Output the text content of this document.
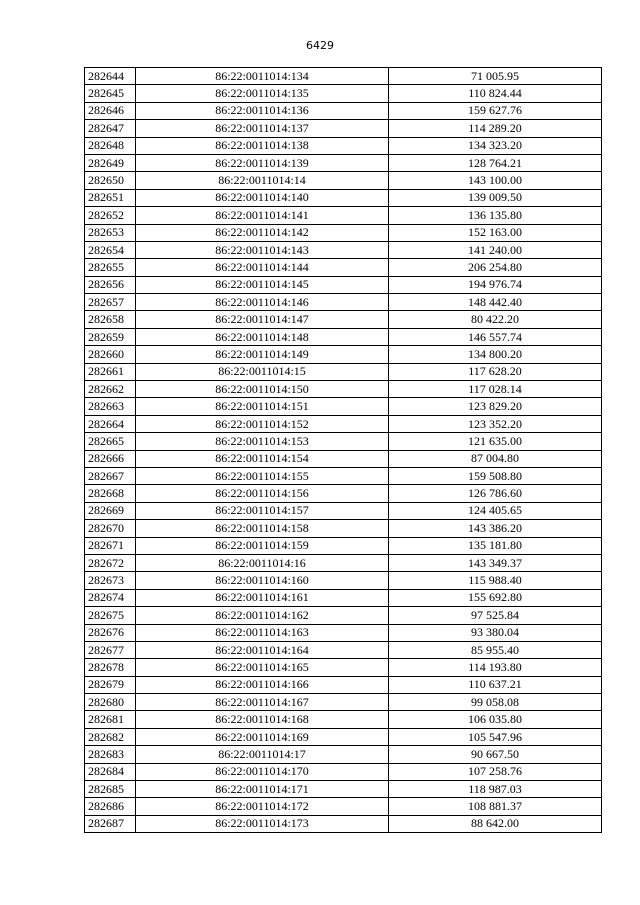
6429
282644	86:22:0011014:134	71 005.95
282645	86:22:0011014:135	110 824.44
282646	86:22:0011014:136	159 627.76
282647	86:22:0011014:137	114 289.20
282648	86:22:0011014:138	134 323.20
282649	86:22:0011014:139	128 764.21
282650	86:22:0011014:14	143 100.00
282651	86:22:0011014:140	139 009.50
282652	86:22:0011014:141	136 135.80
282653	86:22:0011014:142	152 163.00
282654	86:22:0011014:143	141 240.00
282655	86:22:0011014:144	206 254.80
282656	86:22:0011014:145	194 976.74
282657	86:22:0011014:146	148 442.40
282658	86:22:0011014:147	80 422.20
282659	86:22:0011014:148	146 557.74
282660	86:22:0011014:149	134 800.20
282661	86:22:0011014:15	117 628.20
282662	86:22:0011014:150	117 028.14
282663	86:22:0011014:151	123 829.20
282664	86:22:0011014:152	123 352.20
282665	86:22:0011014:153	121 635.00
282666	86:22:0011014:154	87 004.80
282667	86:22:0011014:155	159 508.80
282668	86:22:0011014:156	126 786.60
282669	86:22:0011014:157	124 405.65
282670	86:22:0011014:158	143 386.20
282671	86:22:0011014:159	135 181.80
282672	86:22:0011014:16	143 349.37
282673	86:22:0011014:160	115 988.40
282674	86:22:0011014:161	155 692.80
282675	86:22:0011014:162	97 525.84
282676	86:22:0011014:163	93 380.04
282677	86:22:0011014:164	85 955.40
282678	86:22:0011014:165	114 193.80
282679	86:22:0011014:166	110 637.21
282680	86:22:0011014:167	99 058.08
282681	86:22:0011014:168	106 035.80
282682	86:22:0011014:169	105 547.96
282683	86:22:0011014:17	90 667.50
282684	86:22:0011014:170	107 258.76
282685	86:22:0011014:171	118 987.03
282686	86:22:0011014:172	108 881.37
282687	86:22:0011014:173	88 642.00
